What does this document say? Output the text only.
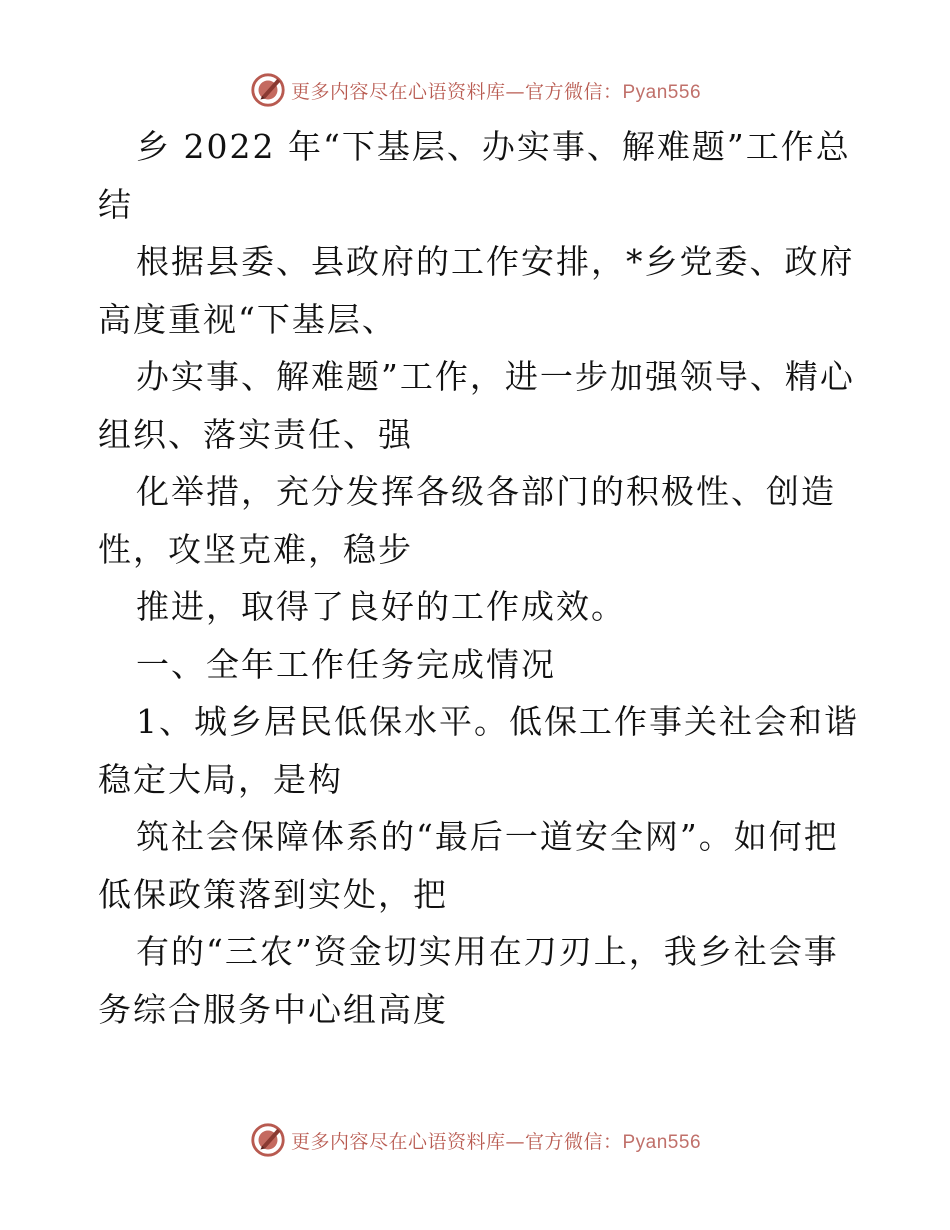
更多内容尽在心语资料库—官方微信：Pyan556
乡 2022 年“下基层、办实事、解难题”工作总
结
根据县委、县政府的工作安排，*乡党委、政府
高度重视“下基层、
办实事、解难题”工作，进一步加强领导、精心
组织、落实责任、强
化举措，充分发挥各级各部门的积极性、创造
性，攻坚克难，稳步
推进，取得了良好的工作成效。
一、全年工作任务完成情况
1、城乡居民低保水平。低保工作事关社会和谐
稳定大局，是构
筑社会保障体系的“最后一道安全网”。如何把
低保政策落到实处，把
有的“三农”资金切实用在刀刃上，我乡社会事
务综合服务中心组高度
更多内容尽在心语资料库—官方微信：Pyan556
